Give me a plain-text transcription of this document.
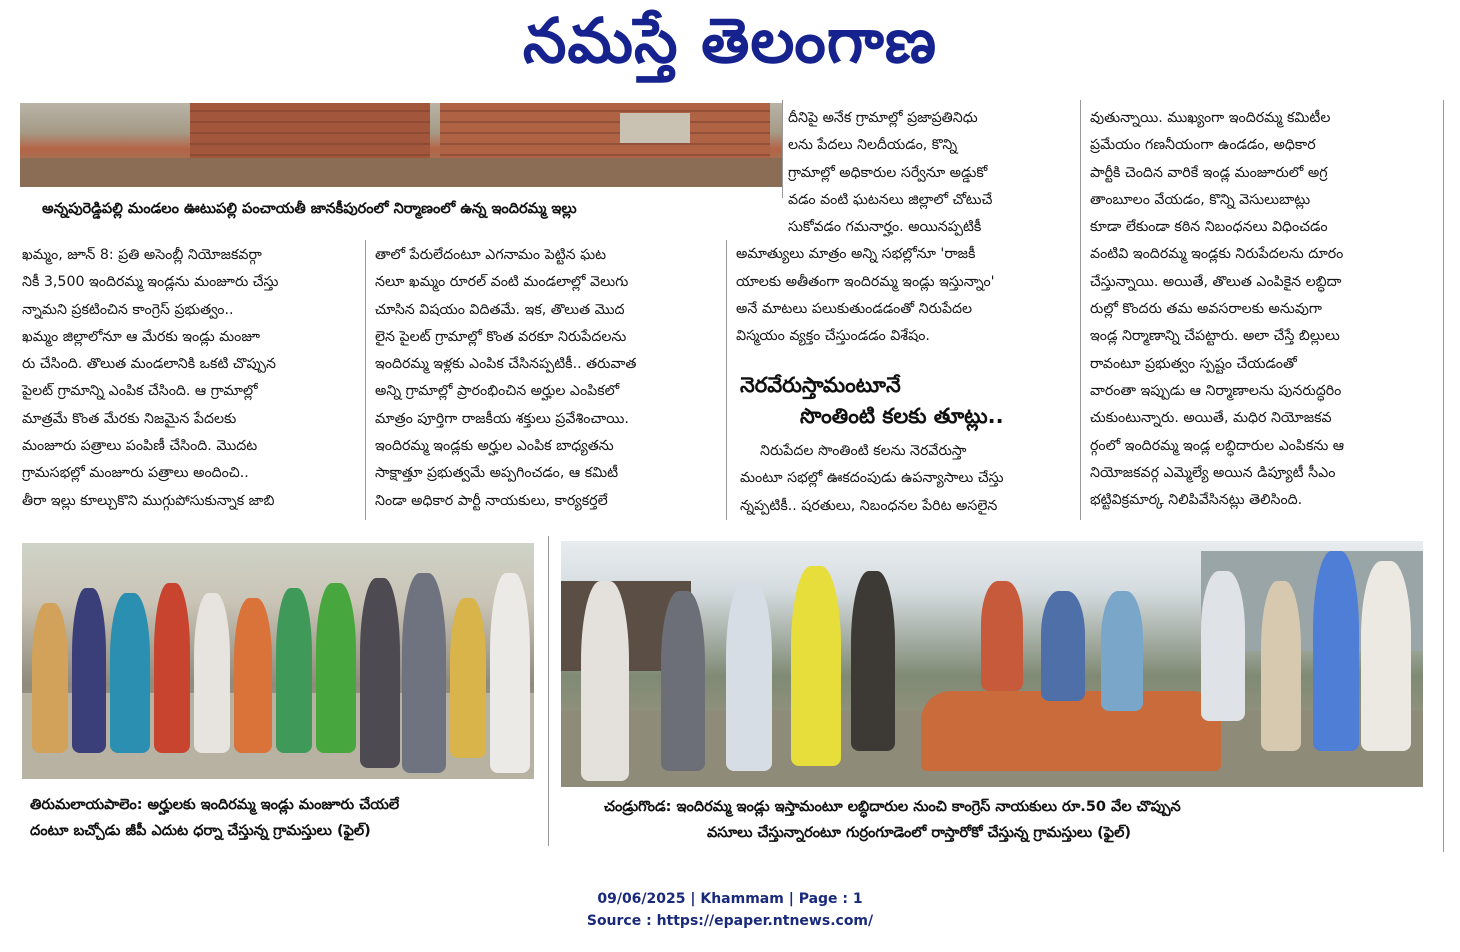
నమస్తే తెలంగాణ
అన్నపురెడ్డిపల్లి మండలం ఊటుపల్లి పంచాయతీ జానకీపురంలో నిర్మాణంలో ఉన్న ఇందిరమ్మ ఇల్లు

ఖమ్మం, జూన్ 8: ప్రతి అసెంబ్లీ నియోజకవర్గా

నికీ 3,500 ఇందిరమ్మ ఇండ్లను మంజూరు చేస్తు

న్నామని ప్రకటించిన కాంగ్రెస్ ప్రభుత్వం..

ఖమ్మం జిల్లాలోనూ ఆ మేరకు ఇండ్లు మంజూ

రు చేసింది. తొలుత మండలానికి ఒకటి చొప్పున

పైలట్ గ్రామాన్ని ఎంపిక చేసింది. ఆ గ్రామాల్లో

మాత్రమే కొంత మేరకు నిజమైన పేదలకు

మంజూరు పత్రాలు పంపిణీ చేసింది. మొదట

గ్రామసభల్లో మంజూరు పత్రాలు అందించి..

తీరా ఇల్లు కూల్చుకొని ముగ్గుపోసుకున్నాక జాబి

తాలో పేరులేదంటూ ఎగనామం పెట్టిన ఘట

నలూ ఖమ్మం రూరల్ వంటి మండలాల్లో వెలుగు

చూసిన విషయం విదితమే. ఇక, తొలుత మొద

లైన పైలట్ గ్రామాల్లో కొంత వరకూ నిరుపేదలను

ఇందిరమ్మ ఇళ్లకు ఎంపిక చేసినప్పటికీ.. తరువాత

అన్ని గ్రామాల్లో ప్రారంభించిన అర్హుల ఎంపికలో

మాత్రం పూర్తిగా రాజకీయ శక్తులు ప్రవేశించాయి.

ఇందిరమ్మ ఇండ్లకు అర్హుల ఎంపిక బాధ్యతను

సాక్షాత్తూ ప్రభుత్వమే అప్పగించడం, ఆ కమిటీ

నిండా అధికార పార్టీ నాయకులు, కార్యకర్తలే

దీనిపై అనేక గ్రామాల్లో ప్రజాప్రతినిధు

లను పేదలు నిలదీయడం, కొన్ని

గ్రామాల్లో అధికారుల సర్వేనూ అడ్డుకో

వడం వంటి ఘటనలు జిల్లాలో చోటుచే

సుకోవడం గమనార్హం. అయినప్పటికీ

అమాత్యులు మాత్రం అన్ని సభల్లోనూ 'రాజకీ

యాలకు అతీతంగా ఇందిరమ్మ ఇండ్లు ఇస్తున్నాం'

అనే మాటలు పలుకుతుండడంతో నిరుపేదల

విస్మయం వ్యక్తం చేస్తుండడం విశేషం.

నెరవేరుస్తామంటూనే
సొంతింటి కలకు తూట్లు..

నిరుపేదల సొంతింటి కలను నెరవేరుస్తా

మంటూ సభల్లో ఊకదంపుడు ఉపన్యాసాలు చేస్తు

న్నప్పటికీ.. షరతులు, నిబంధనల పేరిట అసలైన

వుతున్నాయి. ముఖ్యంగా ఇందిరమ్మ కమిటీల

ప్రమేయం గణనీయంగా ఉండడం, అధికార

పార్టీకి చెందిన వారికే ఇండ్ల మంజూరులో అగ్ర

తాంబూలం వేయడం, కొన్ని వెసులుబాట్లు

కూడా లేకుండా కఠిన నిబంధనలు విధించడం

వంటివి ఇందిరమ్మ ఇండ్లకు నిరుపేదలను దూరం

చేస్తున్నాయి. అయితే, తొలుత ఎంపికైన లబ్ధిదా

రుల్లో కొందరు తమ అవసరాలకు అనువుగా

ఇండ్ల నిర్మాణాన్ని చేపట్టారు. అలా చేస్తే బిల్లులు

రావంటూ ప్రభుత్వం స్పష్టం చేయడంతో

వారంతా ఇప్పుడు ఆ నిర్మాణాలను పునరుద్ధరిం

చుకుంటున్నారు. అయితే, మధిర నియోజకవ

ర్గంలో ఇందిరమ్మ ఇండ్ల లబ్ధిదారుల ఎంపికను ఆ

నియోజకవర్గ ఎమ్మెల్యే అయిన డిప్యూటీ సీఎం

భట్టివిక్రమార్క నిలిపివేసినట్లు తెలిసింది.

తిరుమలాయపాలెం: అర్హులకు ఇందిరమ్మ ఇండ్లు మంజూరు చేయలే
దంటూ బచ్చోడు జీపీ ఎదుట ధర్నా చేస్తున్న గ్రామస్తులు (ఫైల్)
చండ్రుగొండ: ఇందిరమ్మ ఇండ్లు ఇస్తామంటూ లబ్ధిదారుల నుంచి కాంగ్రెస్ నాయకులు రూ.50 వేల చొప్పున
వసూలు చేస్తున్నారంటూ గుర్రంగూడెంలో రాస్తారోకో చేస్తున్న గ్రామస్తులు (ఫైల్)
09/06/2025 | Khammam | Page : 1
Source : https://epaper.ntnews.com/
